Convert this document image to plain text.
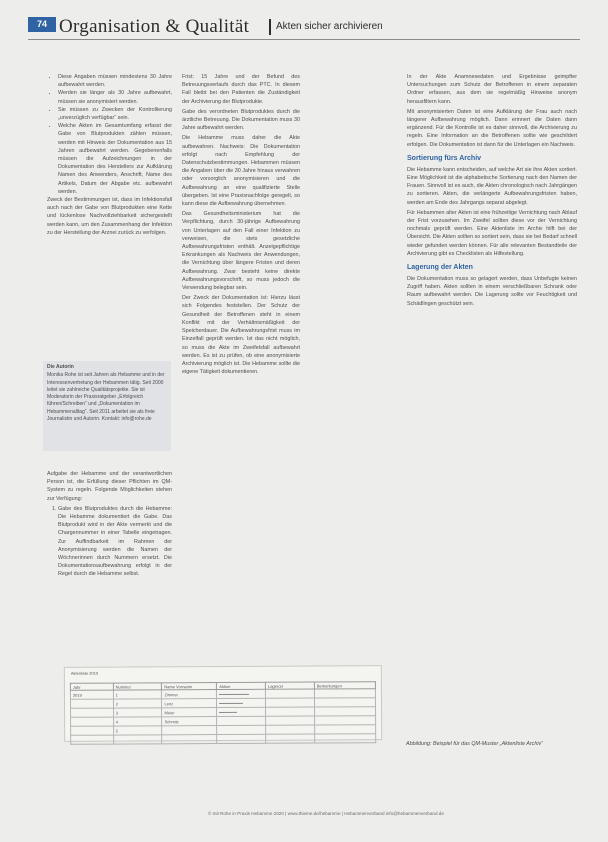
74 Organisation & Qualität	Akten sicher archivieren
• Diese Angaben müssen mindestens 30 Jahre aufbewahrt werden.
• Werden sie länger als 30 Jahre aufbewahrt, müssen sie anonymisiert werden.
• Sie müssen zu Zwecken der Kontrollierung „unverzüglich verfügbar“ sein.
• Welche Akten im Gesamtumfang erfasst der Gabe von Blutprodukten zählen müssen, werden mit Hinweis der Dokumentation aus 15 Jahren aufbewahrt werden. Gegebenenfalls müssen die Aufzeichnungen in der Dokumentation des Herstellers zur Aufklärung Namen des Anwenders, Anschrift, Name des Artikels, Datum der Abgabe etc. aufbewahrt werden.

Zweck der Bestimmungen ist, dass im Infektionsfall auch nach der Gabe von Blutprodukten eine Kette und lückenlose Nachvollziehbarkeit sichergestellt werden kann, um den Zusammenhang der Infektion zu der Herstellung der Arznei zurück zu verfolgen.

Die Autorin
Monika Rohe ist seit Jahren als Hebamme und in der Interessenvertretung der Hebammen tätig. Seit 2000 leitet sie zahlreiche Qualitätsprojekte. Sie ist Moderatorin der Praxisratgeber „Erfolgreich führen/Schreiben“ und „Dokumentation im Hebammenalltag“. Seit 2011 arbeitet sie als freie Journalistin und Autorin. Kontakt: info@rohe.de

Aufgabe der Hebamme und der verantwortlichen Person ist, die Erfüllung dieser Pflichten im QM-System zu regeln. Folgende Möglichkeiten stehen zur Verfügung:

1. Gabe des Blutproduktes durch die Hebamme: Die Hebamme dokumentiert die Gabe. Das Blutprodukt wird in der Akte vermerkt und die Chargennummer in einer Tabelle eingetragen. Zur Auffindbarkeit im Rahmen der Anonymisierung werden die Namen der Wöchnerinnen durch Nummern ersetzt. Die Dokumentationsaufbewahrung erfolgt in der Regel durch die Hebamme selbst.

Frist: 15 Jahre und der Befund des Betreuungsverlaufs durch das PTC. In diesem Fall bleibt bei den Patienten die Zuständigkeit der Archivierung der Blutprodukte.

Gabe des verordneten Blutproduktes durch die ärztliche Betreuung. Die Dokumentation muss 30 Jahre aufbewahrt werden.

Die Hebamme muss daher die Akte aufbewahren. Nachweis: Die Dokumentation erfolgt nach Empfehlung der Datenschutzbestimmungen. Hebammen müssen die Angaben über die 30 Jahre hinaus verwahren oder vorsorglich anonymisieren und die Aufbewahrung an eine qualifizierte Stelle übergeben. Ist eine Praxisnachfolge geregelt, so kann diese die Aufbewahrung übernehmen.

Das Gesundheitsministerium hat die Verpflichtung, durch 30-jährige Aufbewahrung von Unterlagen auf den Fall einer Infektion zu verweisen, die stets gesetzliche Aufbewahrungsfristen enthält. Anzeigepflichtige Erkrankungen als Nachweis der Anwendungen, die Vernichtung über längere Fristen und deren Aufbewahrung. Zwar besteht keine direkte Aufbewahrungsvorschrift, so muss jedoch die Verwendung belegbar sein.

Der Zweck der Dokumentation ist: Hierzu lässt sich Folgendes feststellen. Der Schutz der Gesundheit der Betroffenen steht in einem Konflikt mit der Verhältnismäßigkeit der Speicherdauer. Die Aufbewahrungsfrist muss im Einzelfall geprüft werden. Ist das nicht möglich, so muss die Akte im Zweifelsfall aufbewahrt werden. Es ist zu prüfen, ob eine anonymisierte Archivierung möglich ist. Die Hebamme sollte die eigene Tätigkeit dokumentieren.

In der Akte Anamnesedaten und Ergebnisse geimpfter Untersuchungen zum Schutz der Betroffenen in einem separaten Ordner erfassen, aus dem sie regelmäßig Hinweise anonym herausfiltern kann.

Mit anonymisierten Daten ist eine Aufklärung der Frau auch nach längerer Aufbewahrung möglich. Dann erinnert die Daten dann ergänzend. Für die Kontrolle ist es daher sinnvoll, die Archivierung zu regeln. Eine Information an die Betroffenen sollte wie geschildert erfolgen. Die Dokumentation ist dann für die Unterlagen ein Nachweis.

Sortierung fürs Archiv

Die Hebamme kann entscheiden, auf welche Art sie ihre Akten sortiert. Eine Möglichkeit ist die alphabetische Sortierung nach den Namen der Frauen. Sinnvoll ist es auch, die Akten chronologisch nach Jahrgängen zu sortieren. Akten, die verlängerte Aufbewahrungsfristen haben, werden am Ende des Jahrgangs separat abgelegt.

Für Hebammen alter Akten ist eine frühzeitige Vernichtung nach Ablauf der Frist vorzusehen. Im Zweifel sollten diese vor der Vernichtung nochmals geprüft werden. Eine Aktenliste im Archiv hilft bei der Übersicht. Die Akten sollten so sortiert sein, dass sie bei Bedarf schnell wieder gefunden werden können. Für alle relevanten Bestandteile der Archivierung gibt es Checklisten als Hilfestellung.

Lagerung der Akten

Die Dokumentation muss so gelagert werden, dass Unbefugte keinen Zugriff haben. Akten sollten in einem verschließbaren Schrank oder Raum aufbewahrt werden. Die Lagerung sollte vor Feuchtigkeit und Schädlingen geschützt sein.

Aktenliste 2019
Jahr	Nummer	Name Vorname	Aktion	Lagerort	Bemerkungen
2019	1	Zimmer			
	2	Lenz			
	3	Meier			
	4	Schmitz			
	5				

Abbildung: Beispiel für das QM-Muster „Aktenliste Archiv“
© mit Rohe in Praxis Hebamme 2020 | www.thieme.de/hebamme | Hebammenverband info@hebammenverband.de
